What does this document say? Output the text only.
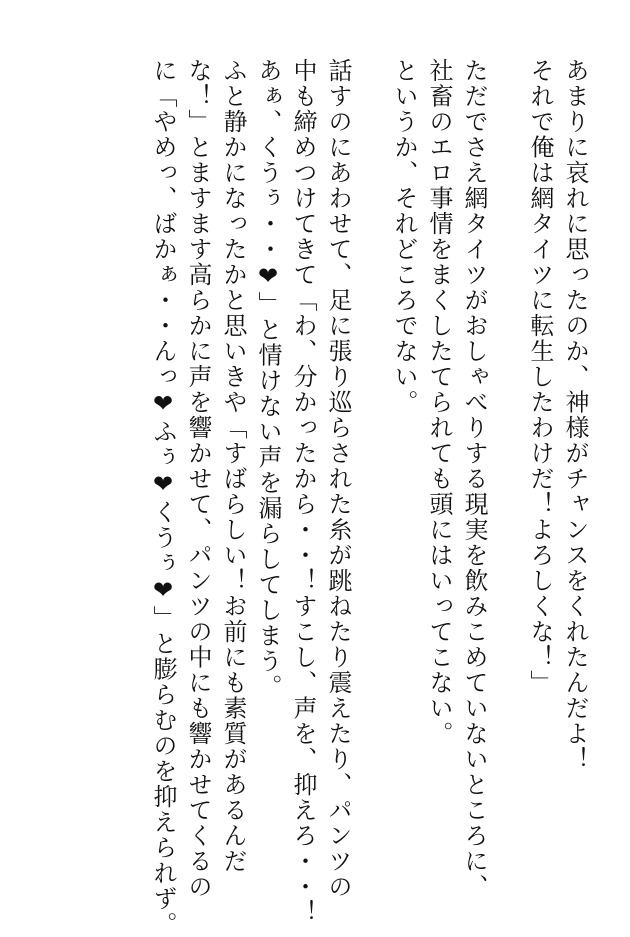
あまりに哀れに思ったのか、神様がチャンスをくれたんだよ！
それで俺は網タイツに転生したわけだ！よろしくな！」
ただでさえ網タイツがおしゃべりする現実を飲みこめていないところに、
社畜のエロ事情をまくしたてられても頭にはいってこない。
というか、それどころでない。
話すのにあわせて、足に張り巡らされた糸が跳ねたり震えたり、パンツの
中も締めつけてきて「わ、分かったから・・！すこし、声を、抑えろ・・！
あぁ、くうぅ・・❤」と情けない声を漏らしてしまう。
ふと静かになったかと思いきや「すばらしい！お前にも素質があるんだ
な！」とますます高らかに声を響かせて、パンツの中にも響かせてくるの
に「やめっ、ばかぁ・・んっ❤ふぅ❤くうぅ❤」と膨らむのを抑えられず。
